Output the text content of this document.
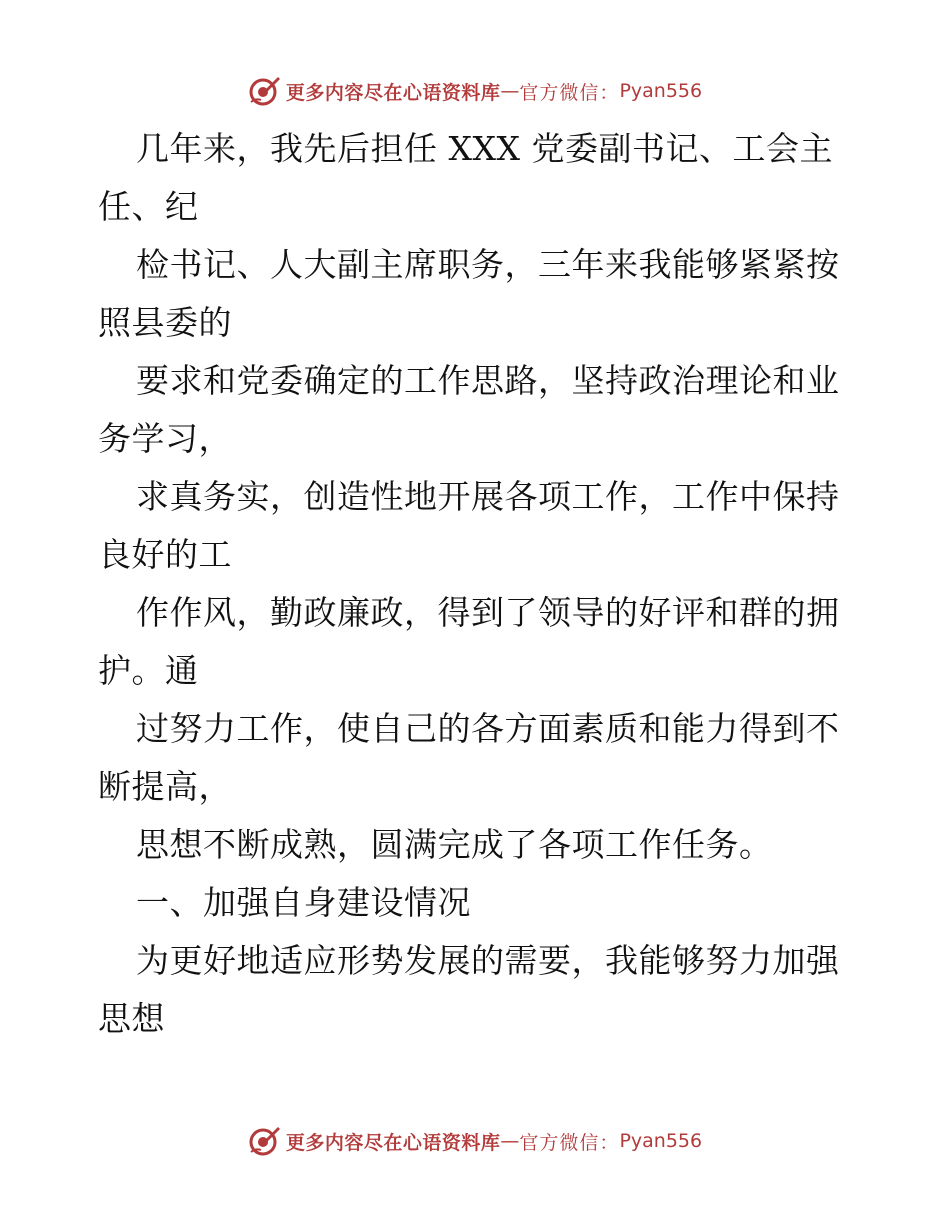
更多内容尽在心语资料库 — 官方微信： Pyan556
几年来，我先后担任 XXX 党委副书记、工会主
任、纪
检书记、人大副主席职务，三年来我能够紧紧按
照县委的
要求和党委确定的工作思路，坚持政治理论和业
务学习，
求真务实，创造性地开展各项工作，工作中保持
良好的工
作作风，勤政廉政，得到了领导的好评和群的拥
护。通
过努力工作，使自己的各方面素质和能力得到不
断提高，
思想不断成熟，圆满完成了各项工作任务。
一、加强自身建设情况
为更好地适应形势发展的需要，我能够努力加强
思想
更多内容尽在心语资料库 — 官方微信： Pyan556
